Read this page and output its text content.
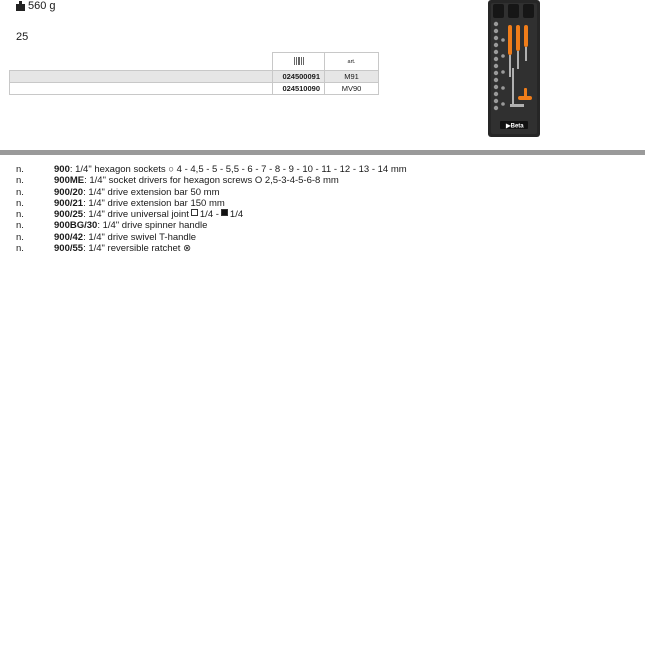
560 g
25
		art.
	024500091	M91
	024510090	MV90
▶Beta
n.	900 : 1/4" hexagon sockets ○ 4 - 4,5 - 5 - 5,5 - 6 - 7 - 8 - 9 - 10 - 11 - 12 - 13 - 14 mm
n.	900ME : 1/4" socket drivers for hexagon screws O 2,5-3-4-5-6-8 mm
n.	900/20 : 1/4" drive extension bar 50 mm
n.	900/21 : 1/4" drive extension bar 150 mm
n.	900/25 : 1/4" drive universal joint 1/4 - 1/4
n.	900BG/30 : 1/4" drive spinner handle
n.	900/42 : 1/4" drive swivel T-handle
n.	900/55 : 1/4" reversible ratchet ⊗
